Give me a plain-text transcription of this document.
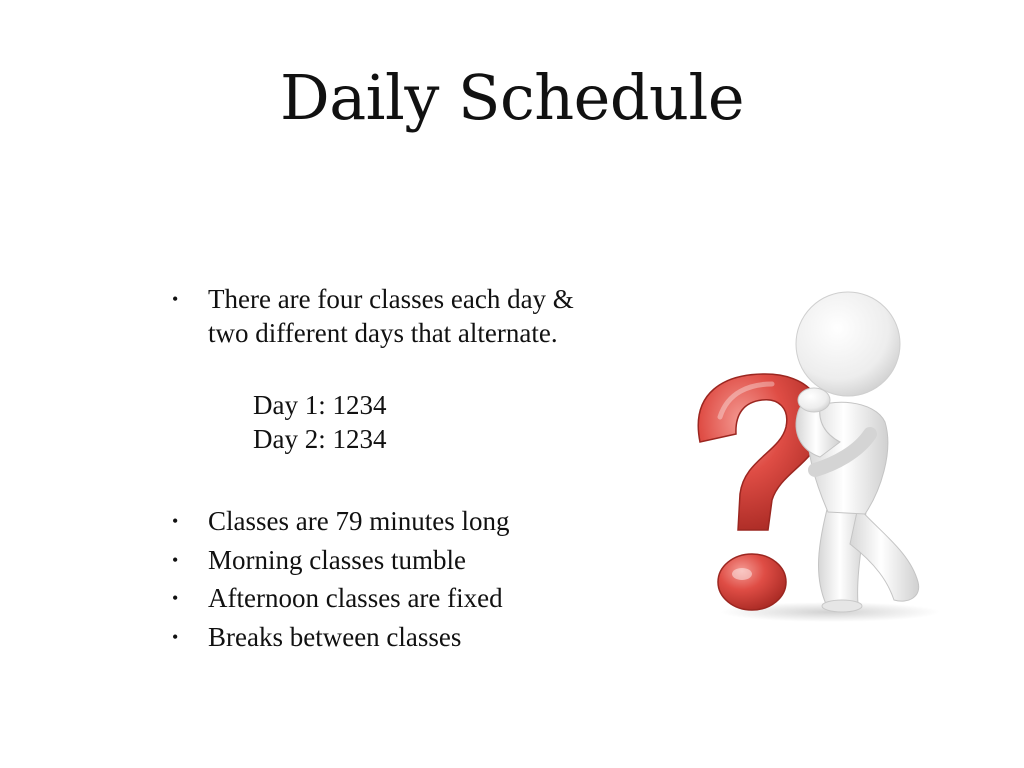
Daily Schedule
• There are four classes each day & two different days that alternate.
Day 1: 1234
Day 2: 1234
• Classes are 79 minutes long
• Morning classes tumble
• Afternoon classes are fixed
• Breaks between classes
